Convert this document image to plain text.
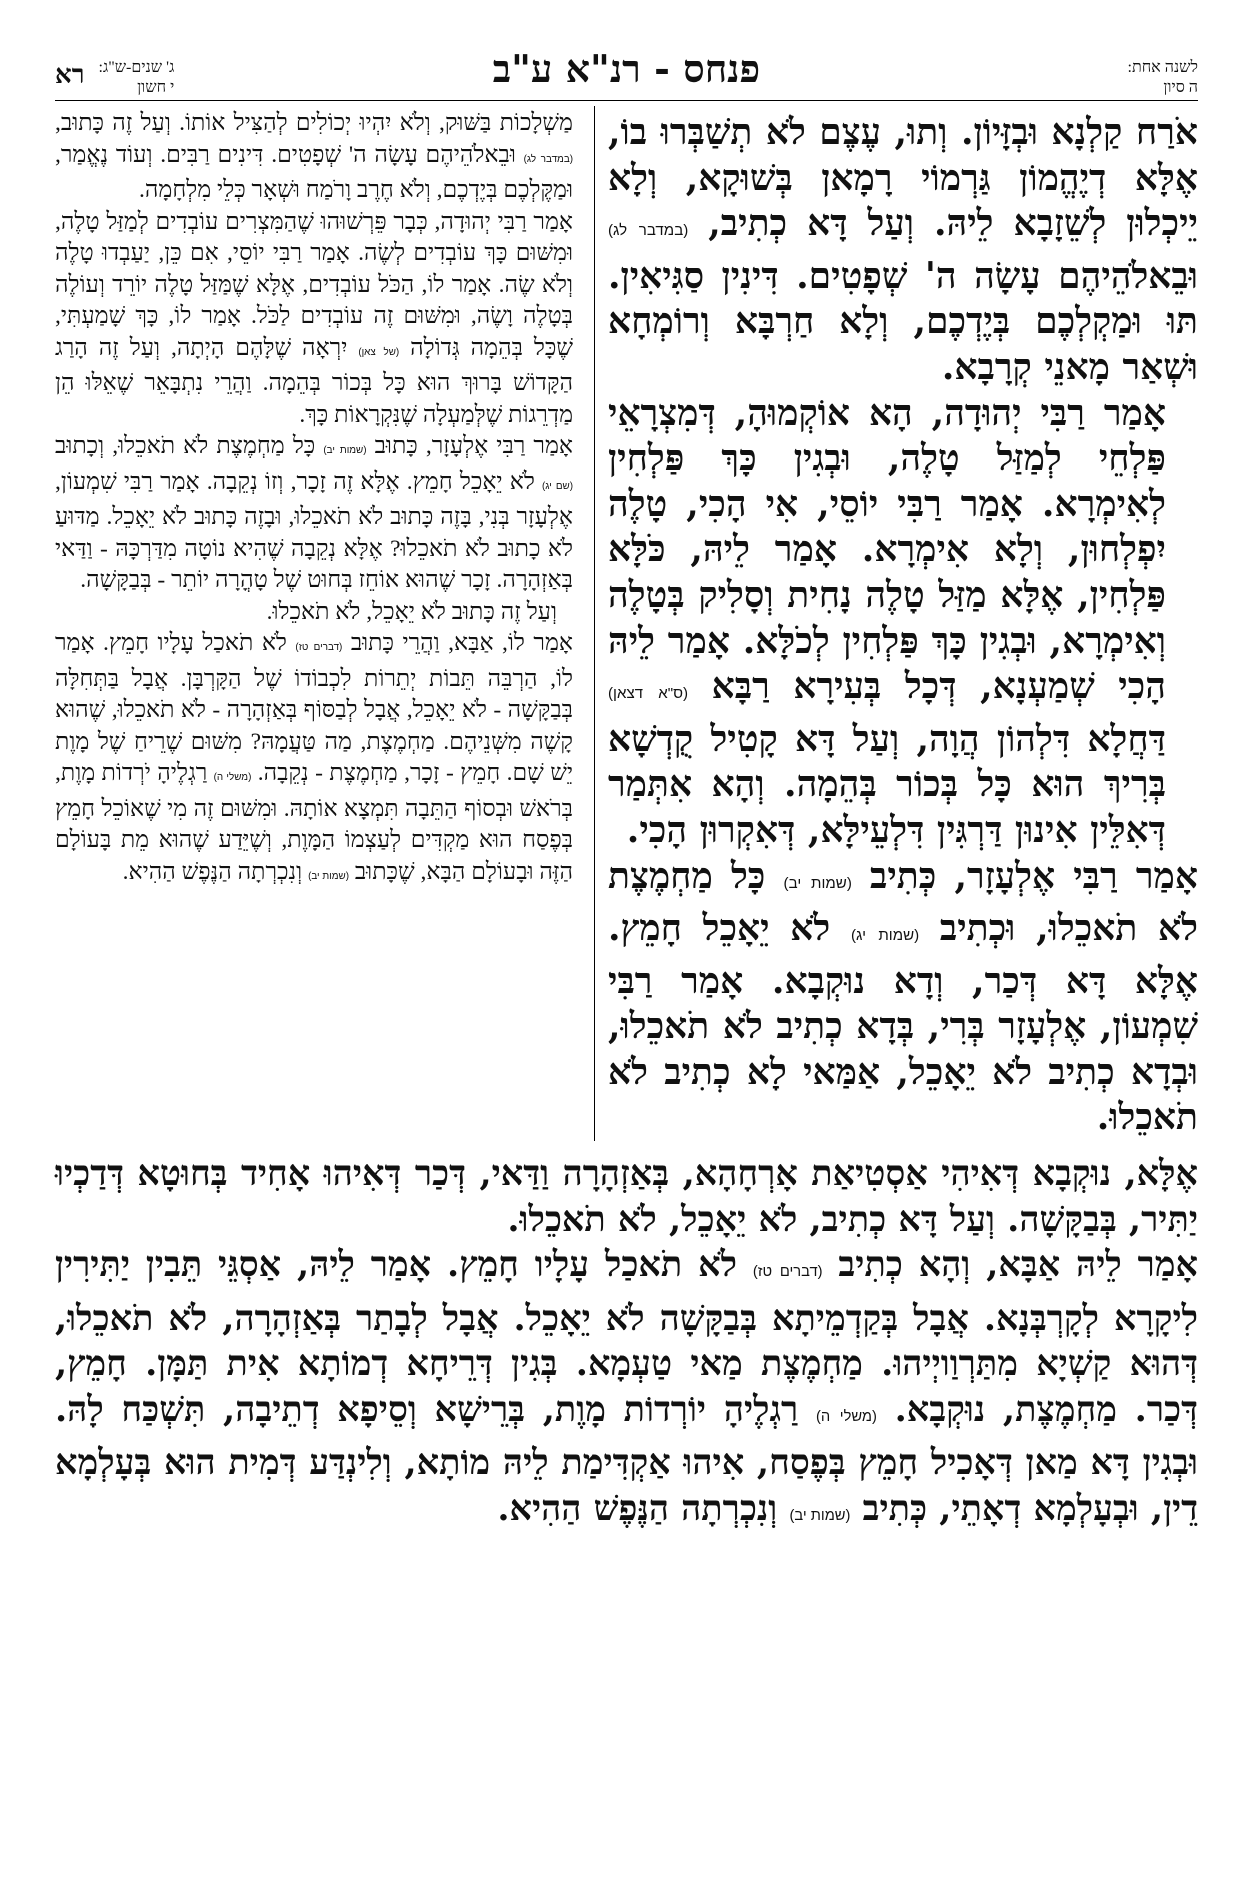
לשנה אחת:
ה סיון
פנחס - רנ"א ע"ב
רא ג' שנים-ש"ג:
י חשון

אֹרַח קַלְנָא וּבְזָּיוֹן. וְתוּ, עֶצֶם לֹא תְשַׁבְּרוּ בוֹ, אֶלָּא דְיֶהֱמוֹן גַּרְמוֹי רָמָאן בְּשׁוּקָא, וְלָא יֵיכְלוּן לְשֵׁזָבָא לֵיהּ. וְעַל דָּא כְתִיב, (במדבר לג) וּבֵאלֹהֵיהֶם עָשָׂה ה' שְׁפָטִים. דִּינִין סַגִּיאִין. תּוּ וּמַקְלְכֶם בְּיֶדְכֶם, וְלָא חַרְבָּא וְרוֹמְחָא וּשְׁאַר מָאנֵי קְרָבָא.

אָמַר רַבִּי יְהוּדָה, הָא אוֹקְמוּהָ, דְּמִצְרָאֵי פַּלְחֵי לְמַזַּל טָלֶה, וּבְגִין כָּךְ פַּלְחִין לְאִימְרָא. אָמַר רַבִּי יוֹסֵי, אִי הָכִי, טָלֶה יִפְלְחוּן, וְלָא אִימְרָא. אָמַר לֵיהּ, כֹּלָּא פַּלְחִין, אֶלָּא מַזַּל טָלֶה נָחִית וְסָלִיק בְּטָלֶה וְאִימְרָא, וּבְגִין כָּךְ פַּלְחִין לְכֹלָּא. אָמַר לֵיהּ הָכִי שְׁמַעְנָא, דְּכָל בְּעִירָא רַבָּא (ס"א דצאן) דַּחֲלָא דִּלְהוֹן הֲוָה, וְעַל דָּא קָטִיל קֻדְשָׁא בְּרִיךְ הוּא כָּל בְּכוֹר בְּהֵמָה. וְהָא אִתְּמַר דְּאִלֵּין אִינוּן דַּרְגִּין דִּלְעֵילָּא, דְּאִקְרוּן הָכִי.

אָמַר רַבִּי אֶלְעָזָר, כְּתִיב (שמות יב) כָּל מַחְמֶצֶת לֹא תֹאכֵלוּ, וּכְתִיב (שמות יג) לֹא יֵאָכֵל חָמֵץ. אֶלָּא דָּא דְּכַר, וְדָא נוּקְבָא. אָמַר רַבִּי שִׁמְעוֹן, אֶלְעָזָר בְּרִי, בְּדָא כְתִיב לֹא תֹאכֵלוּ, וּבְדָא כְתִיב לֹא יֵאָכֵל, אַמַּאי לָא כְתִיב לֹא תֹאכֵלוּ.

מַשְׁלָכוֹת בַּשּׁוּק, וְלֹא יִהְיוּ יְכוֹלִים לְהַצִּיל אוֹתוֹ. וְעַל זֶה כָּתוּב, (במדבר לג) וּבֵאלֹהֵיהֶם עָשָׂה ה' שְׁפָטִים. דִּינִים רַבִּים. וְעוֹד נֶאֱמַר, וּמַקֶּלְכֶם בְּיֶדְכֶם, וְלֹא חֶרֶב וָרֹמַח וּשְׁאָר כְּלֵי מִלְחָמָה.

אָמַר רַבִּי יְהוּדָה, כְּבָר פֵּרְשׁוּהוּ שֶׁהַמִּצְרִים עוֹבְדִים לְמַזַּל טָלֶה, וּמִשּׁוּם כָּךְ עוֹבְדִים לְשֶׂה. אָמַר רַבִּי יוֹסֵי, אִם כֵּן, יַעַבְדוּ טָלֶה וְלֹא שֶׂה. אָמַר לוֹ, הַכֹּל עוֹבְדִים, אֶלָּא שֶׁמַּזַּל טָלֶה יוֹרֵד וְעוֹלֶה בְּטָלֶה וָשֶׂה, וּמִשּׁוּם זֶה עוֹבְדִים לַכֹּל. אָמַר לוֹ, כָּךְ שָׁמַעְתִּי, שֶׁכָּל בְּהֵמָה גְּדוֹלָה (של צאן) יִרְאָה שֶׁלָּהֶם הָיְתָה, וְעַל זֶה הָרַג הַקָּדוֹשׁ בָּרוּךְ הוּא כָּל בְּכוֹר בְּהֵמָה. וַהֲרֵי נִתְבָּאֵר שֶׁאֵלּוּ הֵן מַדְרֵגוֹת שֶׁלְּמַעְלָה שֶׁנִּקְרָאוֹת כָּךְ.

אָמַר רַבִּי אֶלְעָזָר, כָּתוּב (שמות יב) כָּל מַחְמֶצֶת לֹא תֹאכֵלוּ, וְכָתוּב (שם יג) לֹא יֵאָכֵל חָמֵץ. אֶלָּא זֶה זָכָר, וְזוֹ נְקֵבָה. אָמַר רַבִּי שִׁמְעוֹן, אֶלְעָזָר בְּנִי, בָּזֶה כָּתוּב לֹא תֹאכֵלוּ, וּבָזֶה כָּתוּב לֹא יֵאָכֵל. מַדּוּעַ לֹא כָתוּב לֹא תֹאכֵלוּ? אֶלָּא נְקֵבָה שֶׁהִיא נוֹטָה מִדַּרְכָּהּ - וַדַּאי בְּאַזְהָרָה. זָכָר שֶׁהוּא אוֹחֵז בְּחוּט שֶׁל טָהֳרָה יוֹתֵר - בְּבַקָּשָׁה.

וְעַל זֶה כָּתוּב לֹא יֵאָכֵל, לֹא תֹאכֵלוּ.

אָמַר לוֹ, אַבָּא, וַהֲרֵי כָּתוּב (דברים טז) לֹא תֹאכַל עָלָיו חָמֵץ. אָמַר לוֹ, הַרְבֵּה תֵּבוֹת יְתֵרוֹת לִכְבוֹדוֹ שֶׁל הַקָּרְבָּן. אֲבָל בַּתְּחִלָּה בְּבַקָּשָׁה - לֹא יֵאָכֵל, אֲבָל לְבַסּוֹף בְּאַזְהָרָה - לֹא תֹאכֵלוּ, שֶׁהוּא קָשֶׁה מִשְּׁנֵיהֶם. מַחְמֶצֶת, מַה טַּעֲמָהּ? מִשּׁוּם שֶׁרֵיחַ שֶׁל מָוֶת יֵשׁ שָׁם. חָמֵץ - זָכָר, מַחְמֶצֶת - נְקֵבָה. (משלי ה) רַגְלֶיהָ יֹרְדוֹת מָוֶת, בְּרֹאשׁ וּבְסוֹף הַתֵּבָה תִּמְצָא אוֹתָהּ. וּמִשּׁוּם זֶה מִי שֶׁאוֹכֵל חָמֵץ בְּפֶסַח הוּא מַקְדִּים לְעַצְמוֹ הַמָּוֶת, וְשֶׁיֵּדַע שֶׁהוּא מֵת בָּעוֹלָם הַזֶּה וּבָעוֹלָם הַבָּא, שֶׁכָּתוּב (שמות יב) וְנִכְרְתָה הַנֶּפֶשׁ הַהִיא.

אֶלָּא, נוּקְבָא דְּאִיהִי אַסְטִיאַת אָרְחָהָא, בְּאַזְהָרָה וַדַּאי, דְּכַר דְּאִיהוּ אָחִיד בְּחוּטָא דְּדַכְיוּ יַתִּיר, בְּבַקָּשָׁה. וְעַל דָּא כְתִיב, לֹא יֵאָכֵל, לֹא תֹאכֵלוּ.

אָמַר לֵיהּ אַבָּא, וְהָא כְתִיב (דברים טז) לֹא תֹאכַל עָלָיו חָמֵץ. אָמַר לֵיהּ, אַסְגֵּי תֵּבִין יַתִּירִין לִיקָרָא לְקָרְבְּנָא. אֲבָל בְּקַדְמֵיתָא בְּבַקָּשָׁה לֹא יֵאָכֵל. אֲבָל לְבָתַר בְּאַזְהָרָה, לֹא תֹאכֵלוּ, דְּהוּא קַשְׁיָא מִתַּרְוַויְיהוּ. מַחְמֶצֶת מַאי טַעְמָא. בְּגִין דְּרֵיחָא דְמוֹתָא אִית תַּמָּן. חָמֵץ, דְּכַר. מַחְמֶצֶת, נוּקְבָא. (משלי ה) רַגְלֶיהָ יוֹרְדוֹת מָוֶת, בְּרֵישָׁא וְסֵיפָא דְתֵיבָה, תִּשְׁכַּח לָהּ. וּבְגִין דָּא מַאן דְּאָכִיל חָמֵץ בְּפֶסַח, אִיהוּ אַקְדִּימַת לֵיהּ מוֹתָא, וְלִינְדַּע דְּמִית הוּא בְּעָלְמָא דֵין, וּבְעָלְמָא דְאָתֵי, כְּתִיב (שמות יב) וְנִכְרְתָה הַנֶּפֶשׁ הַהִיא.
